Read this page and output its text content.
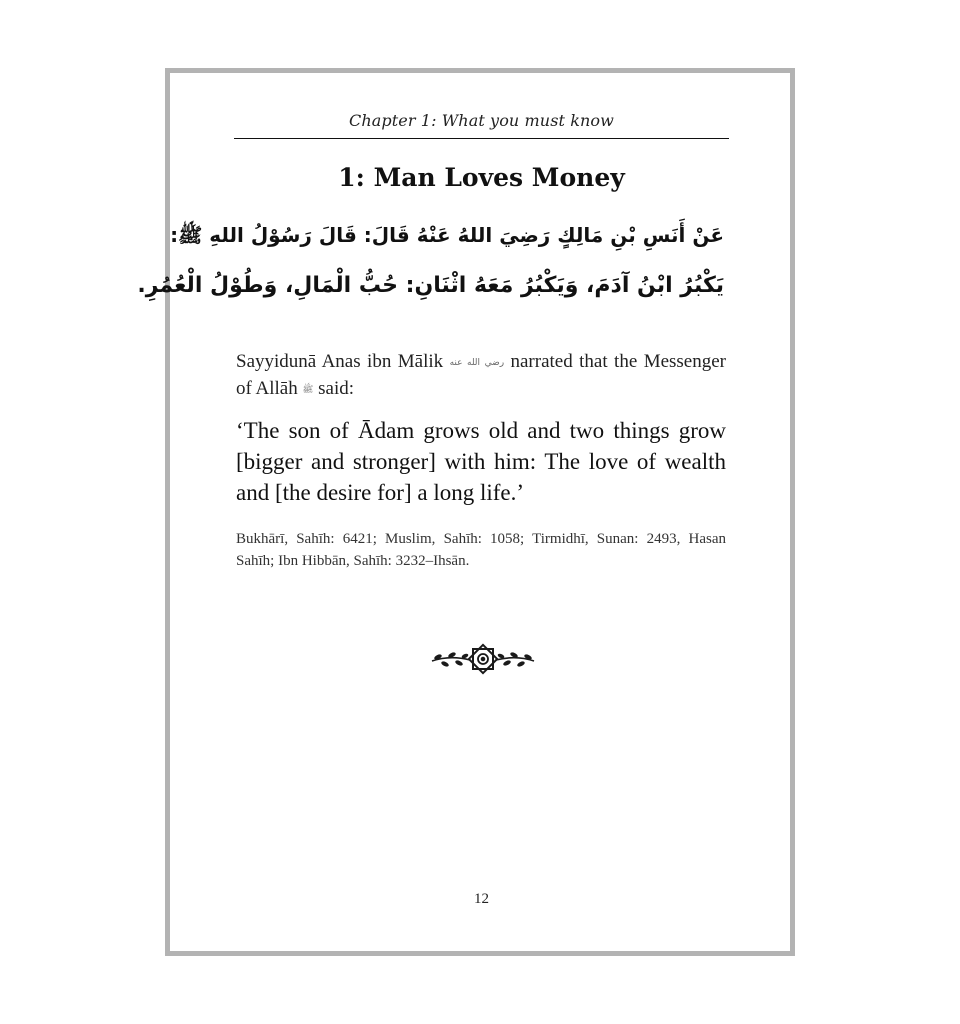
Chapter 1: What you must know
1: Man Loves Money
عَنْ أَنَسِ بْنِ مَالِكٍ رَضِيَ اللهُ عَنْهُ قَالَ: قَالَ رَسُوْلُ اللهِ ﷺ:
يَكْبُرُ ابْنُ آدَمَ، وَيَكْبُرُ مَعَهُ اثْنَانِ: حُبُّ الْمَالِ، وَطُوْلُ الْعُمُرِ.
Sayyidunā Anas ibn Mālik رضي الله عنه narrated that the Messenger of Allāh ﷺ said:
‘The son of Ādam grows old and two things grow [bigger and stronger] with him: The love of wealth and [the desire for] a long life.’
Bukhārī, Sahīh: 6421; Muslim, Sahīh: 1058; Tirmidhī, Sunan: 2493, Hasan Sahīh; Ibn Hibbān, Sahīh: 3232–Ihsān.
12
